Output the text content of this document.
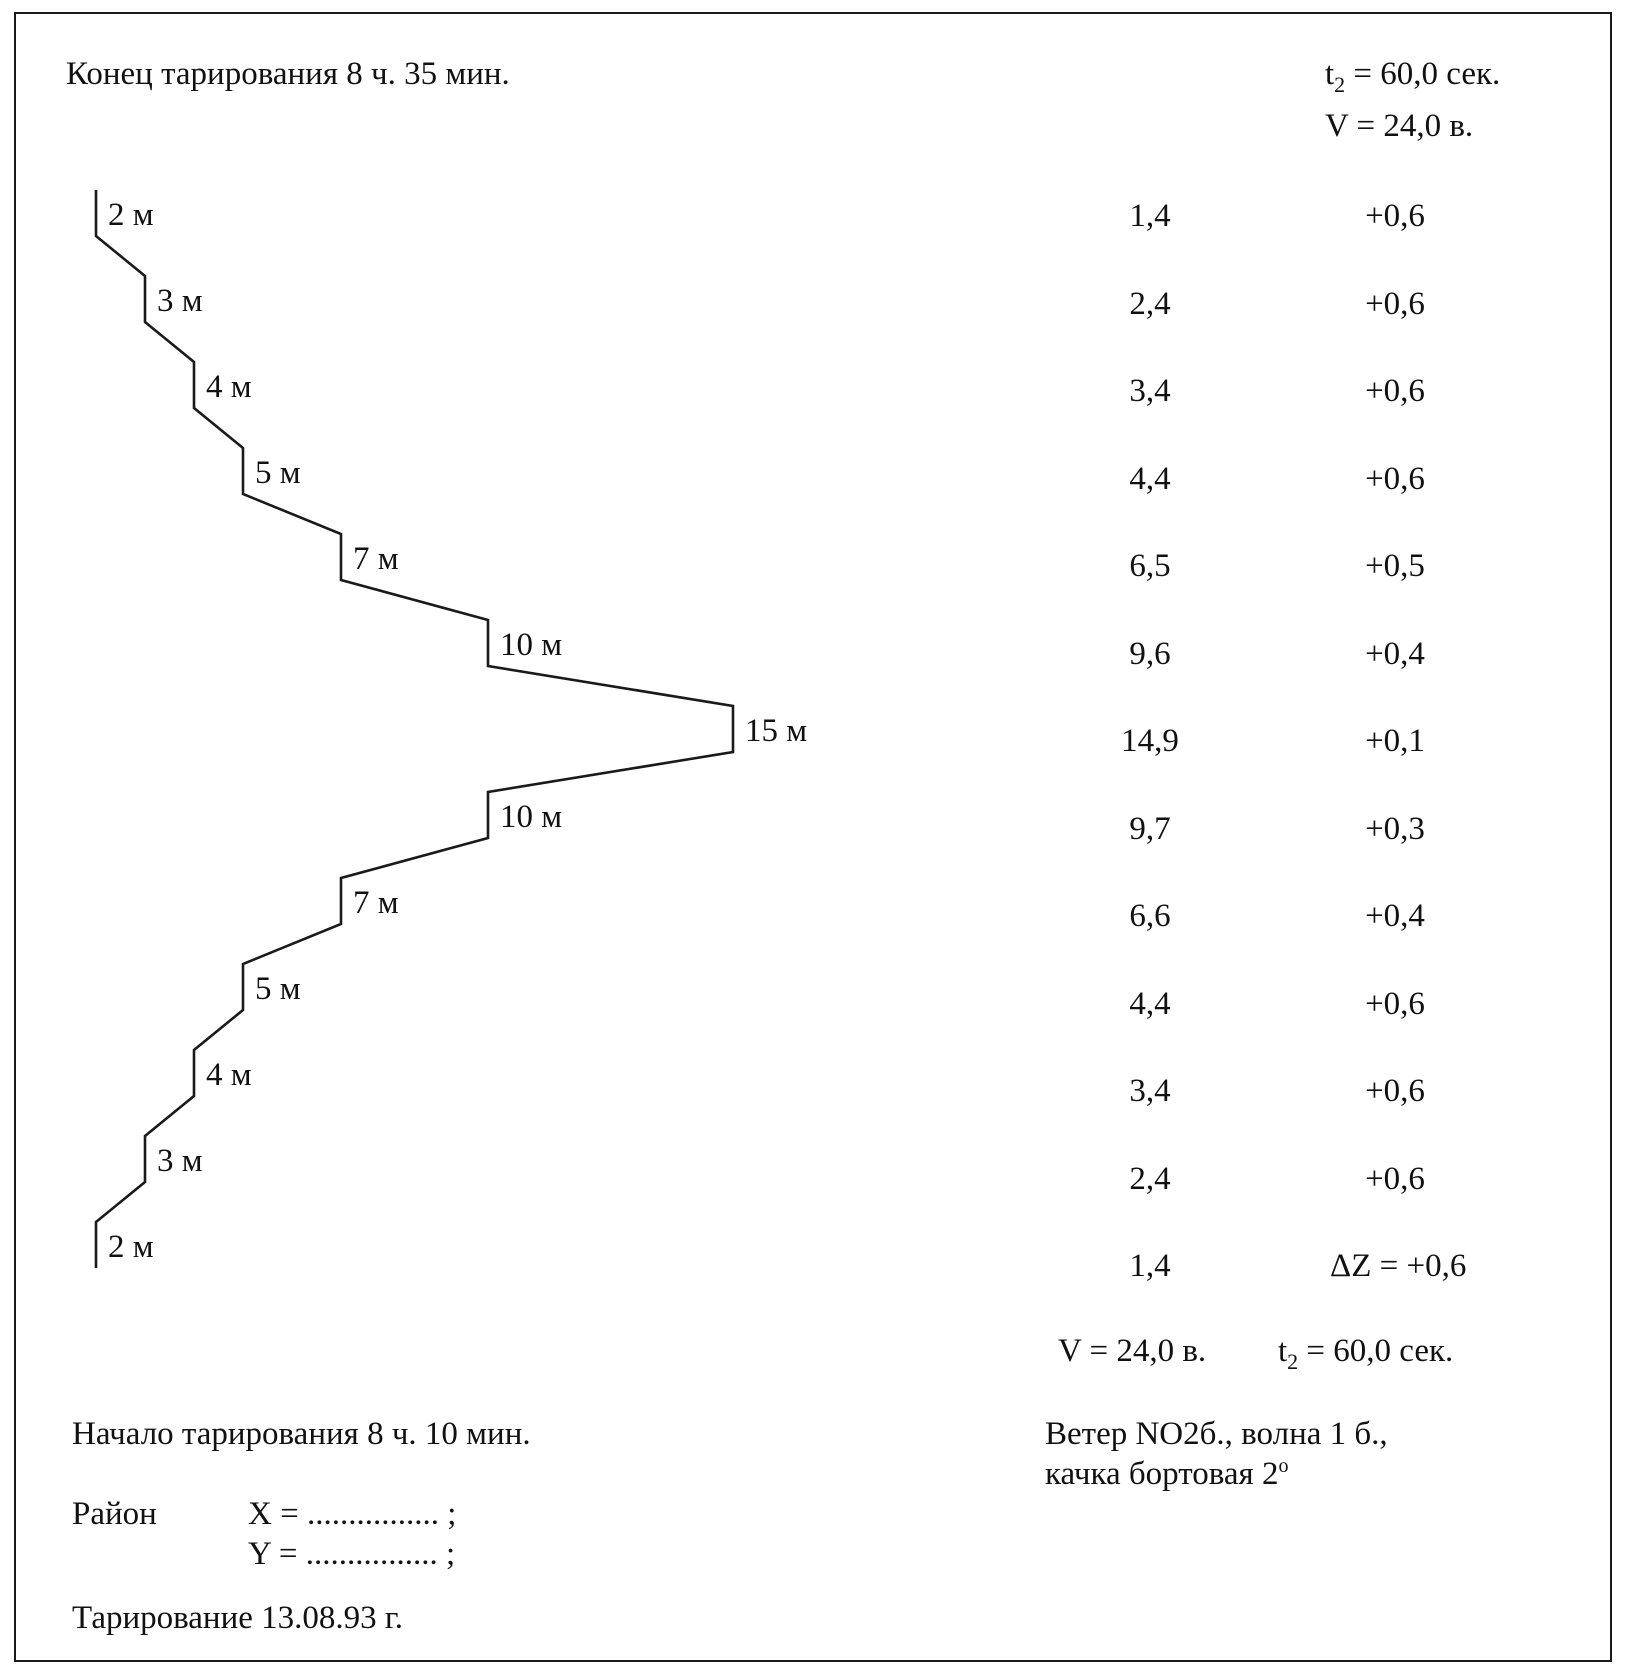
Конец тарирования 8 ч. 35 мин.	$t_2 = 60,0$ сек.
V = 24,0 в.
2 м
3 м
4 м
5 м
7 м
10 м
15 м
10 м
7 м
5 м
4 м
3 м
2 м
1,4	+0,6
2,4	+0,6
3,4	+0,6
4,4	+0,6
6,5	+0,5
9,6	+0,4
14,9	+0,1
9,7	+0,3
6,6	+0,4
4,4	+0,6
3,4	+0,6
2,4	+0,6
1,4	ΔZ = +0,6
V = 24,0 в. $t_2 = 60,0$ сек.
Ветер NO2б., волна 1 б.,
качка бортовая $2^о$
Начало тарирования 8 ч. 10 мин.
Район	X = ................ ;
Y = ................ ;
Тарирование 13.08.93 г.
